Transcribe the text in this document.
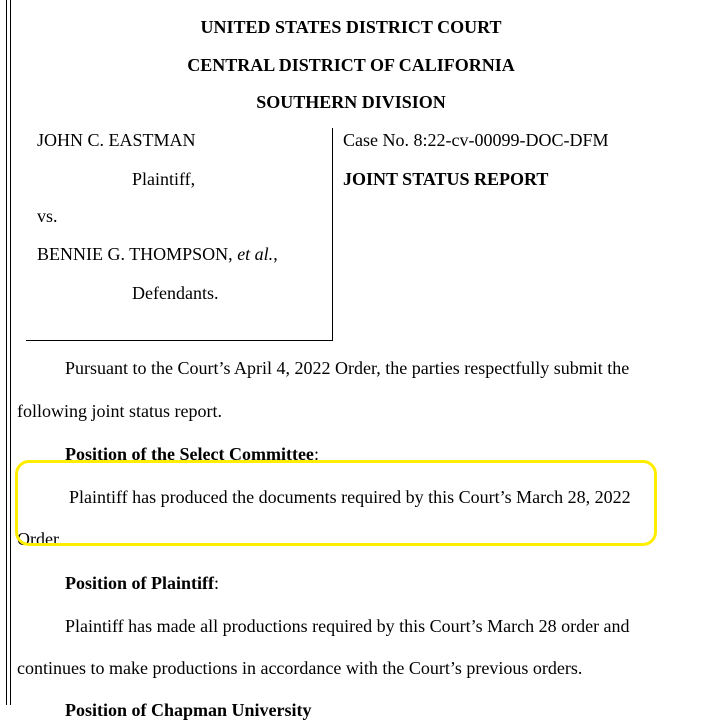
UNITED STATES DISTRICT COURT
CENTRAL DISTRICT OF CALIFORNIA
SOUTHERN DIVISION
JOHN C. EASTMAN
Plaintiff,
vs.
BENNIE G. THOMPSON, et al.,
Defendants.
Case No. 8:22-cv-00099-DOC-DFM
JOINT STATUS REPORT
Pursuant to the Court’s April 4, 2022 Order, the parties respectfully submit the
following joint status report.
Position of the Select Committee:
Plaintiff has produced the documents required by this Court’s March 28, 2022
Order.
Position of Plaintiff:
Plaintiff has made all productions required by this Court’s March 28 order and
continues to make productions in accordance with the Court’s previous orders.
Position of Chapman University
